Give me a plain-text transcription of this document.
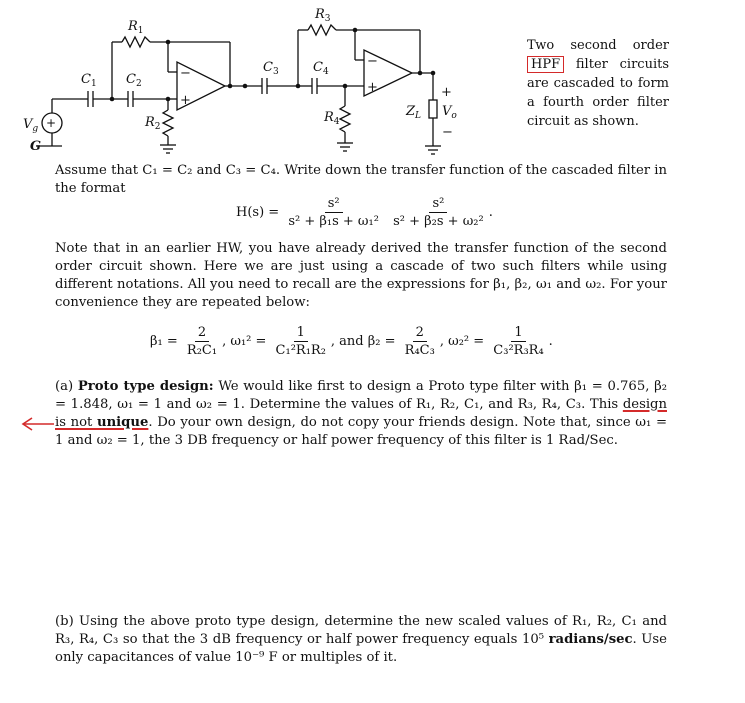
$R_1$
$R_2$
$R_3$
$R_4$
$C_1$ $C_2$
$C_3$	$C_4$
$V_g$
G
$Z_L$ $V_o$
+
−
+
−
+	+
−
Two second order HPF filter circuits are cascaded to form a fourth order filter circuit as shown.
Assume that C₁ = C₂ and C₃ = C₄. Write down the transfer function of the cascaded filter in the format
$H(s) = \frac{\text{s²}}{\text{s² + β₁s + ω₁²}}$
$\frac{\text{s²}}{\text{s² + β₂s + ω₂²}}$ .
Note that in an earlier HW, you have already derived the transfer function of the second order circuit shown. Here we are just using a cascade of two such filters while using different notations. All you need to recall are the expressions for β₁, β₂, ω₁ and ω₂. For your convenience they are repeated below:
$\beta_1 = \frac{2}{\text{R₂C₁}}$ , $\omega_1^2 = \frac{1}{\text{C₁²R₁R₂}}$ , and $\beta_2 = \frac{2}{\text{R₄C₃}}$ , $\omega_2^2 = \frac{1}{\text{C₃²R₃R₄}}$ .
(a) Proto type design: We would like first to design a Proto type filter with β₁ = 0.765, β₂ = 1.848, ω₁ = 1 and ω₂ = 1. Determine the values of R₁, R₂, C₁, and R₃, R₄, C₃. This design is not unique. Do your own design, do not copy your friends design. Note that, since ω₁ = 1 and ω₂ = 1, the 3 DB frequency or half power frequency of this filter is 1 Rad/Sec.
(b) Using the above proto type design, determine the new scaled values of R₁, R₂, C₁ and R₃, R₄, C₃ so that the 3 dB frequency or half power frequency equals 10⁵ radians/sec. Use only capacitances of value 10⁻⁹ F or multiples of it.
